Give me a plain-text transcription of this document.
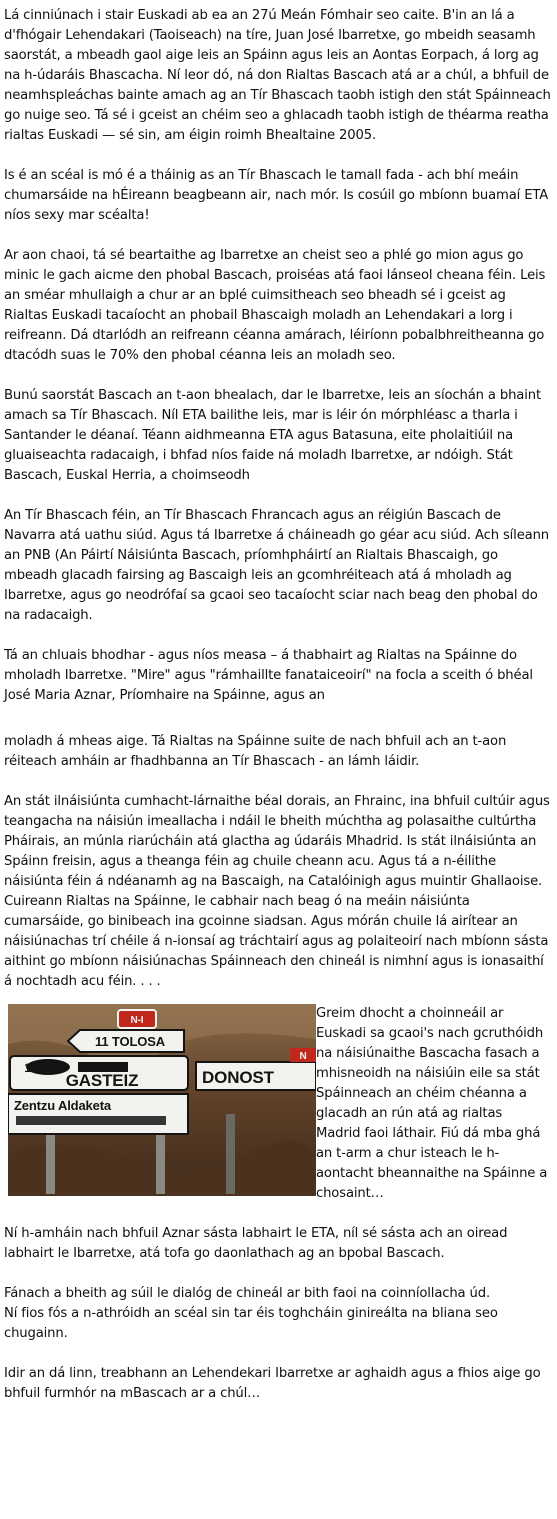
Lá cinniúnach i stair Euskadi ab ea an 27ú Meán Fómhair seo caite. B'in an lá a d'fhógair Lehendakari (Taoiseach) na tíre, Juan José Ibarretxe, go mbeidh seasamh saorstát, a mbeadh gaol aige leis an Spáinn agus leis an Aontas Eorpach, á lorg ag na h-údaráis Bhascacha. Ní leor dó, ná don Rialtas Bascach atá ar a chúl, a bhfuil de neamhspleáchas bainte amach ag an Tír Bhascach taobh istigh den stát Spáinneach go nuige seo. Tá sé i gceist an chéim seo a ghlacadh taobh istigh de théarma reatha rialtas Euskadi — sé sin, am éigin roimh Bhealtaine 2005.

Is é an scéal is mó é a tháinig as an Tír Bhascach le tamall fada - ach bhí meáin chumarsáide na hÉireann beagbeann air, nach mór. Is cosúil go mbíonn buamaí ETA níos sexy mar scéalta!

Ar aon chaoi, tá sé beartaithe ag Ibarretxe an cheist seo a phlé go mion agus go minic le gach aicme den phobal Bascach, proiséas atá faoi lánseol cheana féin. Leis an sméar mhullaigh a chur ar an bplé cuimsitheach seo bheadh sé i gceist ag Rialtas Euskadi tacaíocht an phobail Bhascaigh moladh an Lehendakari a lorg i reifreann. Dá dtarlódh an reifreann céanna amárach, léiríonn pobalbhreitheanna go dtacódh suas le 70% den phobal céanna leis an moladh seo.

Bunú saorstát Bascach an t-aon bhealach, dar le Ibarretxe, leis an síochán a bhaint amach sa Tír Bhascach. Níl ETA bailithe leis, mar is léir ón mórphléasc a tharla i Santander le déanaí. Téann aidhmeanna ETA agus Batasuna, eite pholaitiúil na gluaiseachta radacaigh, i bhfad níos faide ná moladh Ibarretxe, ar ndóigh. Stát Bascach, Euskal Herria, a choimseodh

An Tír Bhascach féin, an Tír Bhascach Fhrancach agus an réigiún Bascach de Navarra atá uathu siúd. Agus tá Ibarretxe á cháineadh go géar acu siúd. Ach síleann an PNB (An Páirtí Náisiúnta Bascach, príomhpháirtí an Rialtais Bhascaigh, go mbeadh glacadh fairsing ag Bascaigh leis an gcomhréiteach atá á mholadh ag Ibarretxe, agus go neodrófaí sa gcaoi seo tacaíocht sciar nach beag den phobal do na radacaigh.

Tá an chluais bhodhar - agus níos measa – á thabhairt ag Rialtas na Spáinne do mholadh Ibarretxe. "Mire" agus "rámhaillte fanataiceoirí" na focla a sceith ó bhéal José Maria Aznar, Príomhaire na Spáinne, agus an

moladh á mheas aige. Tá Rialtas na Spáinne suite de nach bhfuil ach an t-aon réiteach amháin ar fhadhbanna an Tír Bhascach - an lámh láidir.

An stát ilnáisiúnta cumhacht-lárnaithe béal dorais, an Fhrainc, ina bhfuil cultúir agus teangacha na náisiún imeallacha i ndáil le bheith múchtha ag polasaithe cultúrtha Pháirais, an múnla riarúcháin atá glactha ag údaráis Mhadrid. Is stát ilnáisiúnta an Spáinn freisin, agus a theanga féin ag chuile cheann acu. Agus tá a n-éilithe náisiúnta féin á ndéanamh ag na Bascaigh, na Catalóinigh agus muintir Ghallaoise. Cuireann Rialtas na Spáinne, le cabhair nach beag ó na meáin náisiúnta cumarsáide, go binibeach ina gcoinne siadsan. Agus mórán chuile lá airítear an náisiúnachas trí chéile á n-ionsaí ag tráchtairí agus ag polaiteoirí nach mbíonn sásta aithint go mbíonn náisiúnachas Spáinneach den chineál is nimhní agus is ionasaithí á nochtadh acu féin. . . .

N-I
11 TOLOSA
100
GASTEIZ
N
DONOST
Zentzu Aldaketa

Greim dhocht a choinneáil ar Euskadi sa gcaoi's nach gcruthóidh na náisiúnaithe Bascacha fasach a mhisneoidh na náisiúin eile sa stát Spáinneach an chéim chéanna a glacadh an rún atá ag rialtas Madrid faoi láthair. Fiú dá mba ghá an t-arm a chur isteach le h-aontacht bheannaithe na Spáinne a chosaint…

Ní h-amháin nach bhfuil Aznar sásta labhairt le ETA, níl sé sásta ach an oiread labhairt le Ibarretxe, atá tofa go daonlathach ag an bpobal Bascach.

Fánach a bheith ag súil le dialóg de chineál ar bith faoi na coinníollacha úd.

Ní fios fós a n-athróidh an scéal sin tar éis toghcháin ginireálta na bliana seo chugainn.

Idir an dá linn, treabhann an Lehendekari Ibarretxe ar aghaidh agus a fhios aige go bhfuil furmhór na mBascach ar a chúl…
